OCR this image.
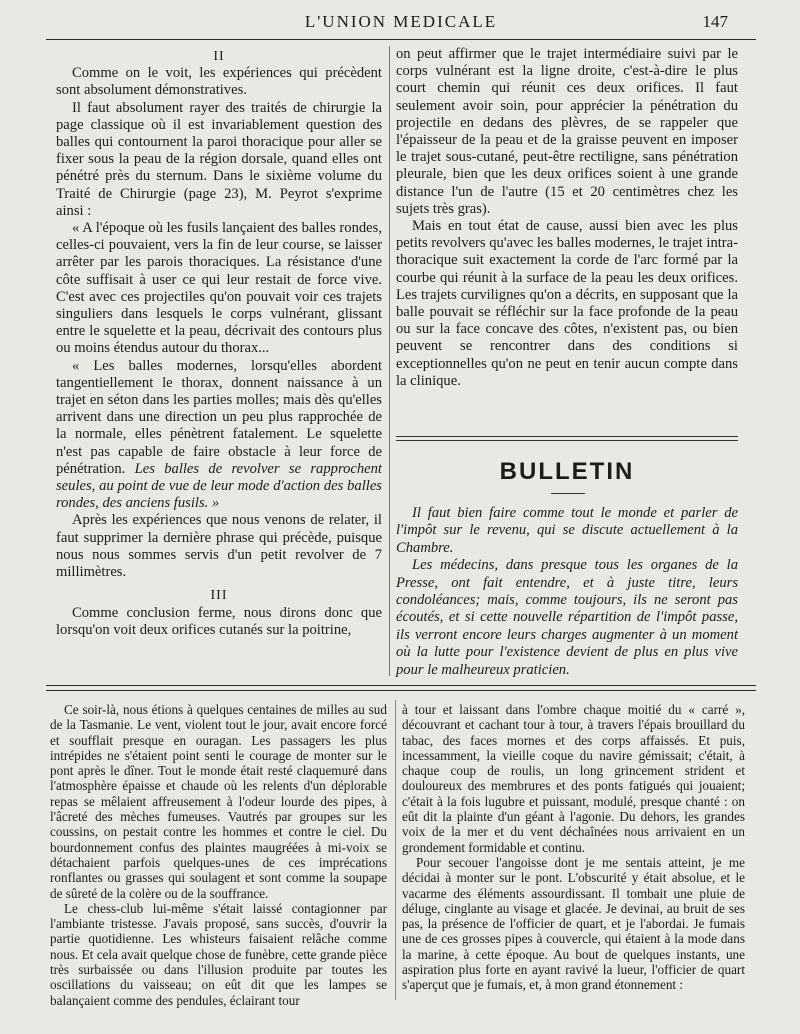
L'UNION MEDICALE	147
II

Comme on le voit, les expériences qui précèdent sont absolument démonstratives.

Il faut absolument rayer des traités de chirurgie la page classique où il est invariablement question des balles qui contournent la paroi thoracique pour aller se fixer sous la peau de la région dorsale, quand elles ont pénétré près du sternum. Dans le sixième volume du Traité de Chirurgie (page 23), M. Peyrot s'exprime ainsi :

« A l'époque où les fusils lançaient des balles rondes, celles-ci pouvaient, vers la fin de leur course, se laisser arrêter par les parois thoraciques. La résistance d'une côte suffisait à user ce qui leur restait de force vive. C'est avec ces projectiles qu'on pouvait voir ces trajets singuliers dans lesquels le corps vulnérant, glissant entre le squelette et la peau, décrivait des contours plus ou moins étendus autour du thorax...

« Les balles modernes, lorsqu'elles abordent tangentiellement le thorax, donnent naissance à un trajet en séton dans les parties molles; mais dès qu'elles arrivent dans une direction un peu plus rapprochée de la normale, elles pénètrent fatalement. Le squelette n'est pas capable de faire obstacle à leur force de pénétration. Les balles de revolver se rapprochent seules, au point de vue de leur mode d'action des balles rondes, des anciens fusils. »

Après les expériences que nous venons de relater, il faut supprimer la dernière phrase qui précède, puisque nous nous sommes servis d'un petit revolver de 7 millimètres.

III

Comme conclusion ferme, nous dirons donc que lorsqu'on voit deux orifices cutanés sur la poitrine,

on peut affirmer que le trajet intermédiaire suivi par le corps vulnérant est la ligne droite, c'est-à-dire le plus court chemin qui réunit ces deux orifices. Il faut seulement avoir soin, pour apprécier la pénétration du projectile en dedans des plèvres, de se rappeler que l'épaisseur de la peau et de la graisse peuvent en imposer le trajet sous-cutané, peut-être rectiligne, sans pénétration pleurale, bien que les deux orifices soient à une grande distance l'un de l'autre (15 et 20 centimètres chez les sujets très gras).

Mais en tout état de cause, aussi bien avec les plus petits revolvers qu'avec les balles modernes, le trajet intra-thoracique suit exactement la corde de l'arc formé par la courbe qui réunit à la surface de la peau les deux orifices. Les trajets curvilignes qu'on a décrits, en supposant que la balle pouvait se réfléchir sur la face profonde de la peau ou sur la face concave des côtes, n'existent pas, ou bien peuvent se rencontrer dans des conditions si exceptionnelles qu'on ne peut en tenir aucun compte dans la clinique.

BULLETIN

Il faut bien faire comme tout le monde et parler de l'impôt sur le revenu, qui se discute actuellement à la Chambre.

Les médecins, dans presque tous les organes de la Presse, ont fait entendre, et à juste titre, leurs condoléances; mais, comme toujours, ils ne seront pas écoutés, et si cette nouvelle répartition de l'impôt passe, ils verront encore leurs charges augmenter à un moment où la lutte pour l'existence devient de plus en plus vive pour le malheureux praticien.

Ce soir-là, nous étions à quelques centaines de milles au sud de la Tasmanie. Le vent, violent tout le jour, avait encore forcé et soufflait presque en ouragan. Les passagers les plus intrépides ne s'étaient point senti le courage de monter sur le pont après le dîner. Tout le monde était resté claquemuré dans l'atmosphère épaisse et chaude où les relents d'un déplorable repas se mêlaient affreusement à l'odeur lourde des pipes, à l'âcreté des mèches fumeuses. Vautrés par groupes sur les coussins, on pestait contre les hommes et contre le ciel. Du bourdonnement confus des plaintes maugréées à mi-voix se détachaient parfois quelques-unes de ces imprécations ronflantes ou grasses qui soulagent et sont comme la soupape de sûreté de la colère ou de la souffrance.

Le chess-club lui-même s'était laissé contagionner par l'ambiante tristesse. J'avais proposé, sans succès, d'ouvrir la partie quotidienne. Les whisteurs faisaient relâche comme nous. Et cela avait quelque chose de funèbre, cette grande pièce très surbaissée ou dans l'illusion produite par toutes les oscillations du vaisseau; on eût dit que les lampes se balançaient comme des pendules, éclairant tour

à tour et laissant dans l'ombre chaque moitié du « carré », découvrant et cachant tour à tour, à travers l'épais brouillard du tabac, des faces mornes et des corps affaissés. Et puis, incessamment, la vieille coque du navire gémissait; c'était, à chaque coup de roulis, un long grincement strident et douloureux des membrures et des ponts fatigués qui jouaient; c'était à la fois lugubre et puissant, modulé, presque chanté : on eût dit la plainte d'un géant à l'agonie. Du dehors, les grandes voix de la mer et du vent déchaînées nous arrivaient en un grondement formidable et continu.

Pour secouer l'angoisse dont je me sentais atteint, je me décidai à monter sur le pont. L'obscurité y était absolue, et le vacarme des éléments assourdissant. Il tombait une pluie de déluge, cinglante au visage et glacée. Je devinai, au bruit de ses pas, la présence de l'officier de quart, et je l'abordai. Je fumais une de ces grosses pipes à couvercle, qui étaient à la mode dans la marine, à cette époque. Au bout de quelques instants, une aspiration plus forte en ayant ravivé la lueur, l'officier de quart s'aperçut que je fumais, et, à mon grand étonnement :
